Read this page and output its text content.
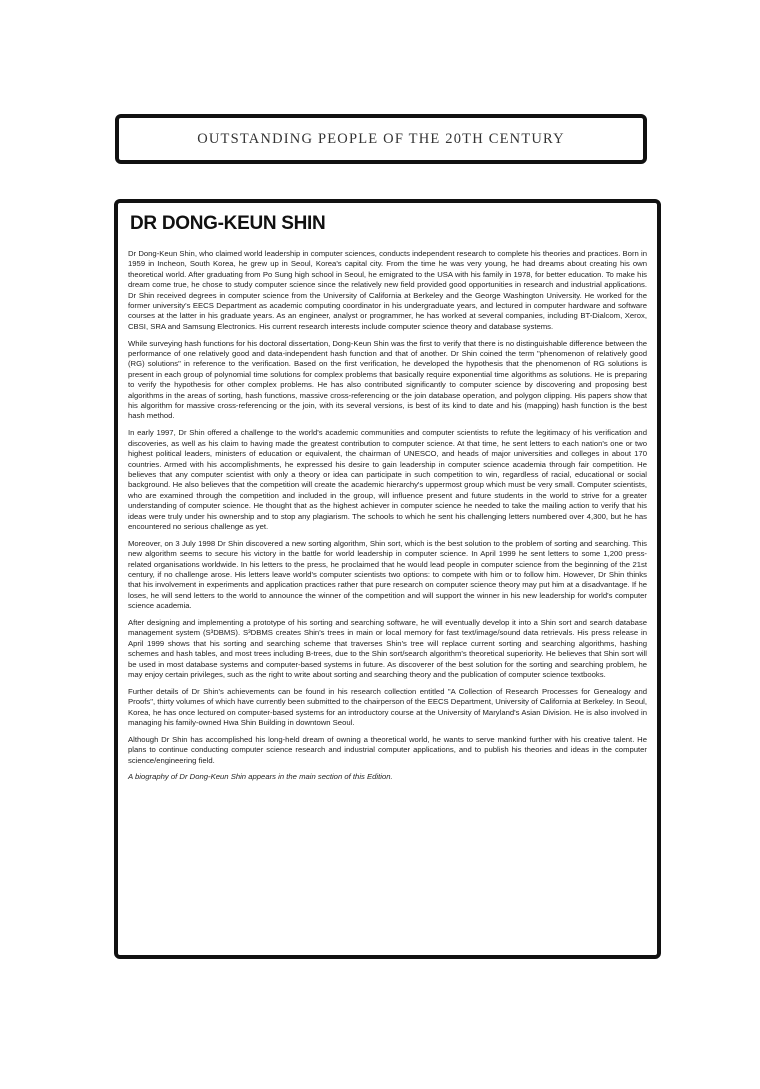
OUTSTANDING PEOPLE OF THE 20TH CENTURY
DR DONG-KEUN SHIN

Dr Dong-Keun Shin, who claimed world leadership in computer sciences, conducts independent research to complete his theories and practices. Born in 1959 in Incheon, South Korea, he grew up in Seoul, Korea's capital city. From the time he was very young, he had dreams about creating his own theoretical world. After graduating from Po Sung high school in Seoul, he emigrated to the USA with his family in 1978, for better education. To make his dream come true, he chose to study computer science since the relatively new field provided good opportunities in research and industrial applications. Dr Shin received degrees in computer science from the University of California at Berkeley and the George Washington University. He worked for the former university's EECS Department as academic computing coordinator in his undergraduate years, and lectured in computer hardware and software courses at the latter in his graduate years. As an engineer, analyst or programmer, he has worked at several companies, including BT-Dialcom, Xerox, CBSI, SRA and Samsung Electronics. His current research interests include computer science theory and database systems.

While surveying hash functions for his doctoral dissertation, Dong-Keun Shin was the first to verify that there is no distinguishable difference between the performance of one relatively good and data-independent hash function and that of another. Dr Shin coined the term "phenomenon of relatively good (RG) solutions" in reference to the verification. Based on the first verification, he developed the hypothesis that the phenomenon of RG solutions is present in each group of polynomial time solutions for complex problems that basically require exponential time algorithms as solutions. He is preparing to verify the hypothesis for other complex problems. He has also contributed significantly to computer science by discovering and proposing best algorithms in the areas of sorting, hash functions, massive cross-referencing or the join database operation, and polygon clipping. His papers show that his algorithm for massive cross-referencing or the join, with its several versions, is best of its kind to date and his (mapping) hash function is the best hash method.

In early 1997, Dr Shin offered a challenge to the world's academic communities and computer scientists to refute the legitimacy of his verification and discoveries, as well as his claim to having made the greatest contribution to computer science. At that time, he sent letters to each nation's one or two highest political leaders, ministers of education or equivalent, the chairman of UNESCO, and heads of major universities and colleges in about 170 countries. Armed with his accomplishments, he expressed his desire to gain leadership in computer science academia through fair competition. He believes that any computer scientist with only a theory or idea can participate in such competition to win, regardless of racial, educational or social background. He also believes that the competition will create the academic hierarchy's uppermost group which must be very small. Computer scientists, who are examined through the competition and included in the group, will influence present and future students in the world to strive for a greater understanding of computer science. He thought that as the highest achiever in computer science he needed to take the mailing action to verify that his ideas were truly under his ownership and to stop any plagiarism. The schools to which he sent his challenging letters numbered over 4,300, but he has encountered no serious challenge as yet.

Moreover, on 3 July 1998 Dr Shin discovered a new sorting algorithm, Shin sort, which is the best solution to the problem of sorting and searching. This new algorithm seems to secure his victory in the battle for world leadership in computer science. In April 1999 he sent letters to some 1,200 press-related organisations worldwide. In his letters to the press, he proclaimed that he would lead people in computer science from the beginning of the 21st century, if no challenge arose. His letters leave world's computer scientists two options: to compete with him or to follow him. However, Dr Shin thinks that his involvement in experiments and application practices rather that pure research on computer science theory may put him at a disadvantage. If he loses, he will send letters to the world to announce the winner of the competition and will support the winner in his new leadership for world's computer science academia.

After designing and implementing a prototype of his sorting and searching software, he will eventually develop it into a Shin sort and search database management system (S³DBMS). S³DBMS creates Shin's trees in main or local memory for fast text/image/sound data retrievals. His press release in April 1999 shows that his sorting and searching scheme that traverses Shin's tree will replace current sorting and searching algorithms, hashing schemes and hash tables, and most trees including B-trees, due to the Shin sort/search algorithm's theoretical superiority. He believes that Shin sort will be used in most database systems and computer-based systems in future. As discoverer of the best solution for the sorting and searching problem, he may enjoy certain privileges, such as the right to write about sorting and searching theory and the publication of computer science textbooks.

Further details of Dr Shin's achievements can be found in his research collection entitled "A Collection of Research Processes for Genealogy and Proofs", thirty volumes of which have currently been submitted to the chairperson of the EECS Department, University of California at Berkeley. In Seoul, Korea, he has once lectured on computer-based systems for an introductory course at the University of Maryland's Asian Division. He is also involved in managing his family-owned Hwa Shin Building in downtown Seoul.

Although Dr Shin has accomplished his long-held dream of owning a theoretical world, he wants to serve mankind further with his creative talent. He plans to continue conducting computer science research and industrial computer applications, and to publish his theories and ideas in the computer science/engineering field.

A biography of Dr Dong-Keun Shin appears in the main section of this Edition.
